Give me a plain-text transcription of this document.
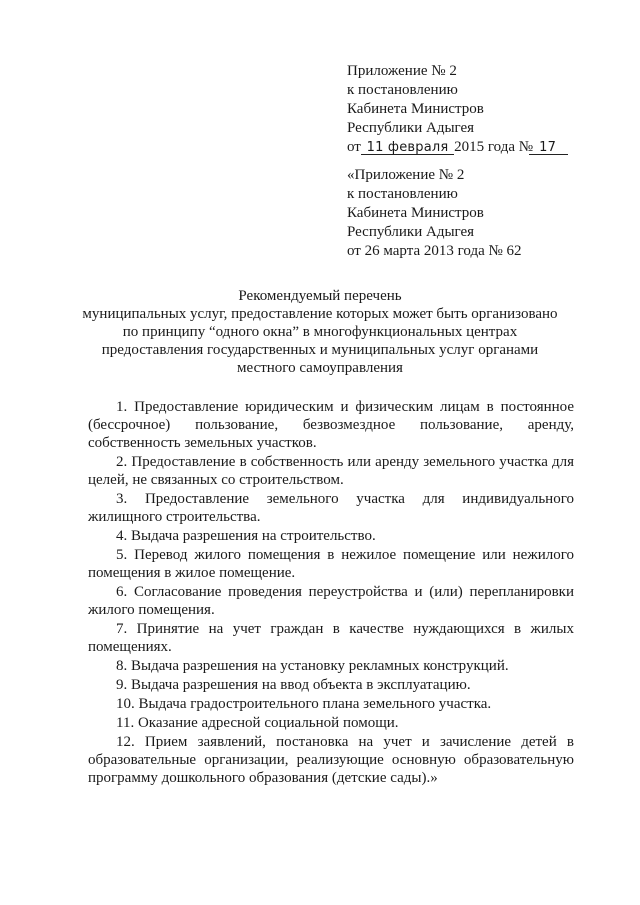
Приложение № 2
к постановлению
Кабинета Министров
Республики Адыгея
от 11 февраля 2015 года № 17
«Приложение № 2
к постановлению
Кабинета Министров
Республики Адыгея
от 26 марта 2013 года № 62
Рекомендуемый перечень
муниципальных услуг, предоставление которых может быть организовано
по принципу “одного окна” в многофункциональных центрах
предоставления государственных и муниципальных услуг органами
местного самоуправления

1. Предоставление юридическим и физическим лицам в постоянное (бессрочное) пользование, безвозмездное пользование, аренду, собственность земельных участков.

2. Предоставление в собственность или аренду земельного участка для целей, не связанных со строительством.

3. Предоставление земельного участка для индивидуального жилищного строительства.

4. Выдача разрешения на строительство.

5. Перевод жилого помещения в нежилое помещение или нежилого помещения в жилое помещение.

6. Согласование проведения переустройства и (или) перепланировки жилого помещения.

7. Принятие на учет граждан в качестве нуждающихся в жилых помещениях.

8. Выдача разрешения на установку рекламных конструкций.

9. Выдача разрешения на ввод объекта в эксплуатацию.

10. Выдача градостроительного плана земельного участка.

11. Оказание адресной социальной помощи.

12. Прием заявлений, постановка на учет и зачисление детей в образовательные организации, реализующие основную образовательную программу дошкольного образования (детские сады).»
